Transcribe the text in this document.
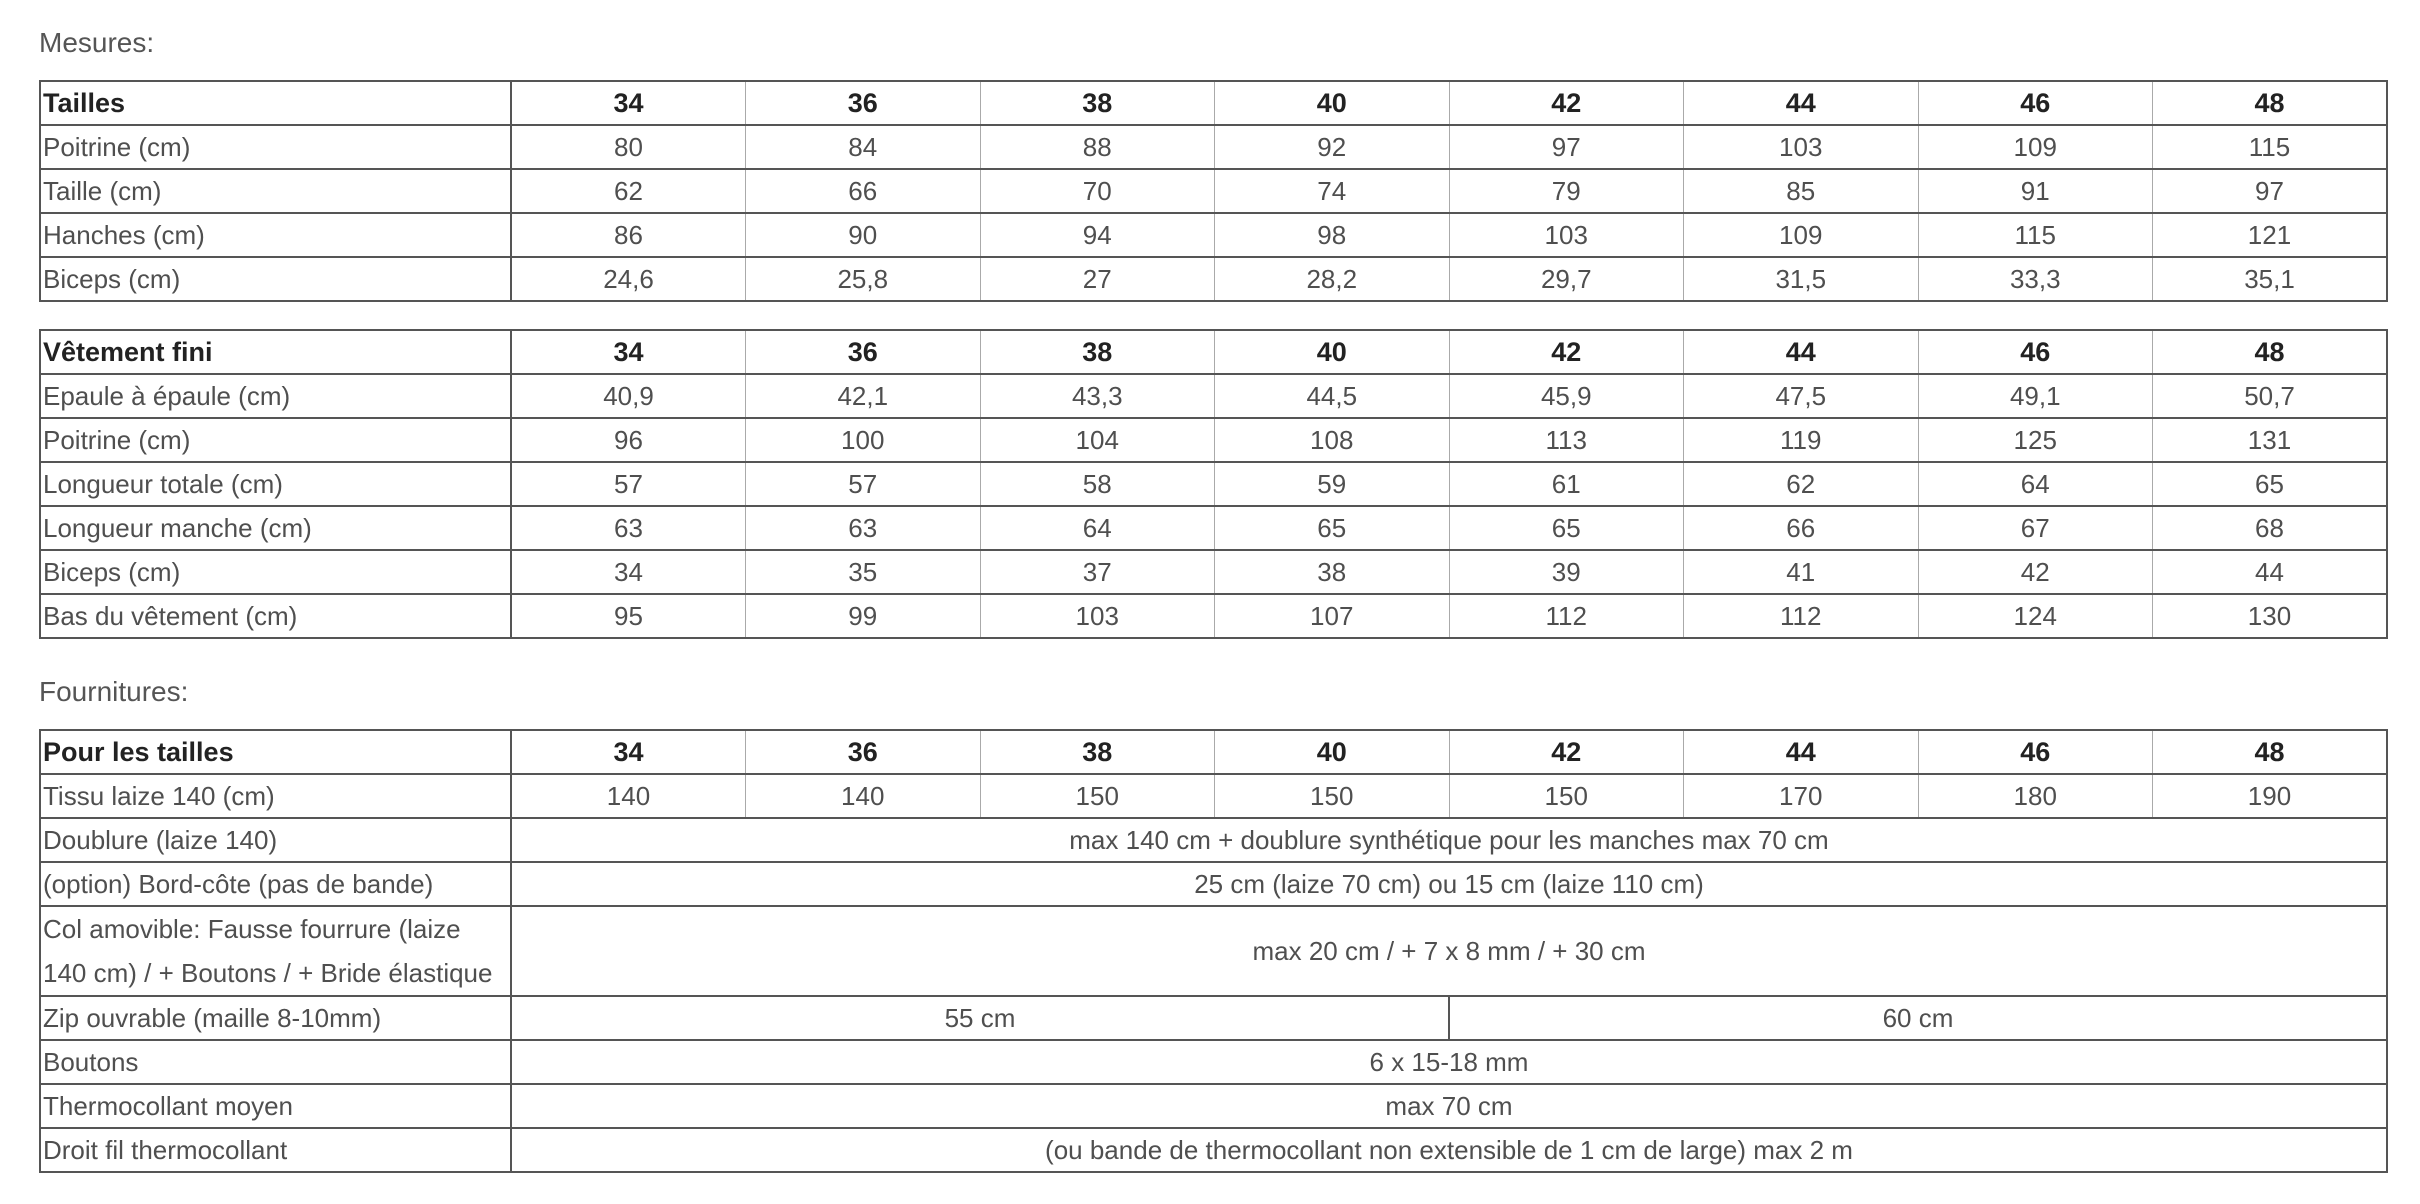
Mesures:
Tailles	34	36	38	40	42	44	46	48
Poitrine (cm)	80	84	88	92	97	103	109	115
Taille (cm)	62	66	70	74	79	85	91	97
Hanches (cm)	86	90	94	98	103	109	115	121
Biceps (cm)	24,6	25,8	27	28,2	29,7	31,5	33,3	35,1
Vêtement fini	34	36	38	40	42	44	46	48
Epaule à épaule (cm)	40,9	42,1	43,3	44,5	45,9	47,5	49,1	50,7
Poitrine (cm)	96	100	104	108	113	119	125	131
Longueur totale (cm)	57	57	58	59	61	62	64	65
Longueur manche (cm)	63	63	64	65	65	66	67	68
Biceps (cm)	34	35	37	38	39	41	42	44
Bas du vêtement (cm)	95	99	103	107	112	112	124	130
Fournitures:
Pour les tailles	34	36	38	40	42	44	46	48
Tissu laize 140 (cm)	140	140	150	150	150	170	180	190
Doublure (laize 140)	max 140 cm + doublure synthétique pour les manches max 70 cm							
(option) Bord-côte (pas de bande)	25 cm (laize 70 cm) ou 15 cm (laize 110 cm)							
Col amovible: Fausse fourrure (laize 140 cm) / + Boutons / + Bride élastique	max 20 cm / + 7 x 8 mm / + 30 cm							
Zip ouvrable (maille 8-10mm)	55 cm				60 cm			
Boutons	6 x 15-18 mm							
Thermocollant moyen	max 70 cm							
Droit fil thermocollant	(ou bande de thermocollant non extensible de 1 cm de large) max 2 m							
